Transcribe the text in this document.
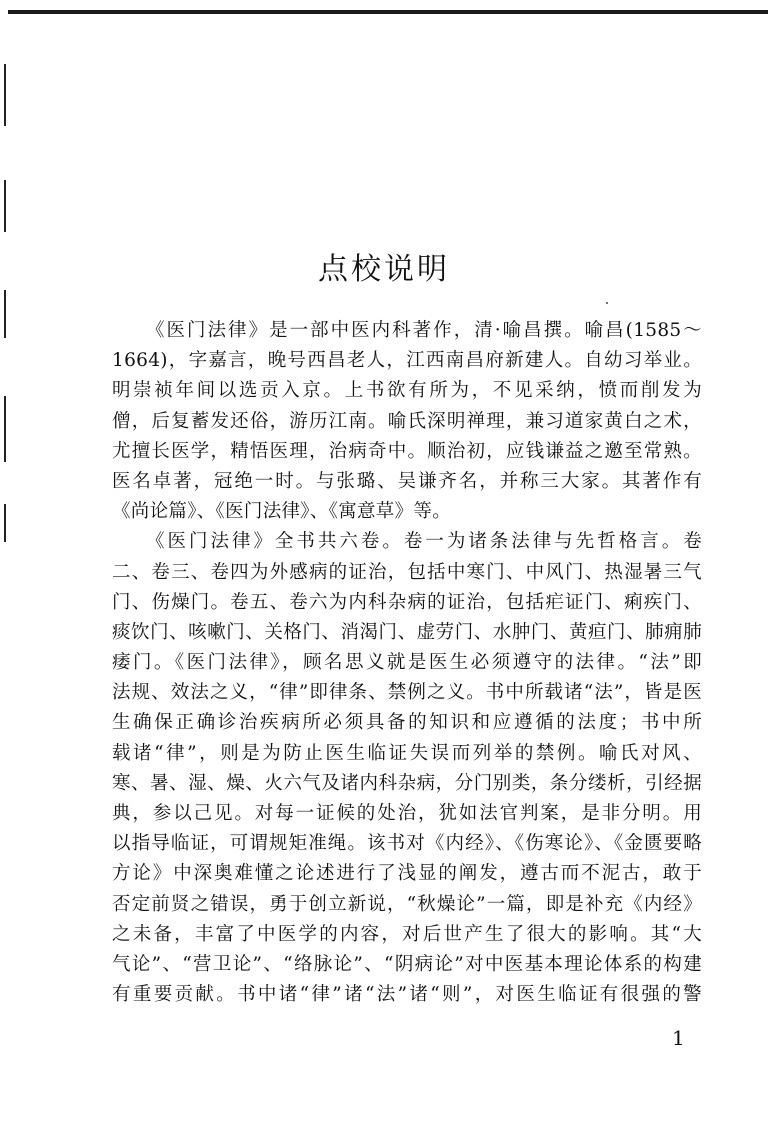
点校说明
《医门法律》是一部中医内科著作，清·喻昌撰。喻昌(1585～
1664)，字嘉言，晚号西昌老人，江西南昌府新建人。自幼习举业。
明崇祯年间以选贡入京。上书欲有所为，不见采纳，愤而削发为
僧，后复蓄发还俗，游历江南。喻氏深明禅理，兼习道家黄白之术，
尤擅长医学，精悟医理，治病奇中。顺治初，应钱谦益之邀至常熟。
医名卓著，冠绝一时。与张璐、吴谦齐名，并称三大家。其著作有
《尚论篇》、《医门法律》、《寓意草》等。
《医门法律》全书共六卷。卷一为诸条法律与先哲格言。卷
二、卷三、卷四为外感病的证治，包括中寒门、中风门、热湿暑三气
门、伤燥门。卷五、卷六为内科杂病的证治，包括疟证门、痢疾门、
痰饮门、咳嗽门、关格门、消渴门、虚劳门、水肿门、黄疸门、肺痈肺
痿门。《医门法律》，顾名思义就是医生必须遵守的法律。“法”即
法规、效法之义，“律”即律条、禁例之义。书中所载诸“法”，皆是医
生确保正确诊治疾病所必须具备的知识和应遵循的法度；书中所
载诸“律”，则是为防止医生临证失误而列举的禁例。喻氏对风、
寒、暑、湿、燥、火六气及诸内科杂病，分门别类，条分缕析，引经据
典，参以己见。对每一证候的处治，犹如法官判案，是非分明。用
以指导临证，可谓规矩准绳。该书对《内经》、《伤寒论》、《金匮要略
方论》中深奥难懂之论述进行了浅显的阐发，遵古而不泥古，敢于
否定前贤之错误，勇于创立新说，“秋燥论”一篇，即是补充《内经》
之未备，丰富了中医学的内容，对后世产生了很大的影响。其“大
气论”、“营卫论”、“络脉论”、“阴病论”对中医基本理论体系的构建
有重要贡献。书中诸“律”诸“法”诸“则”，对医生临证有很强的警
1
